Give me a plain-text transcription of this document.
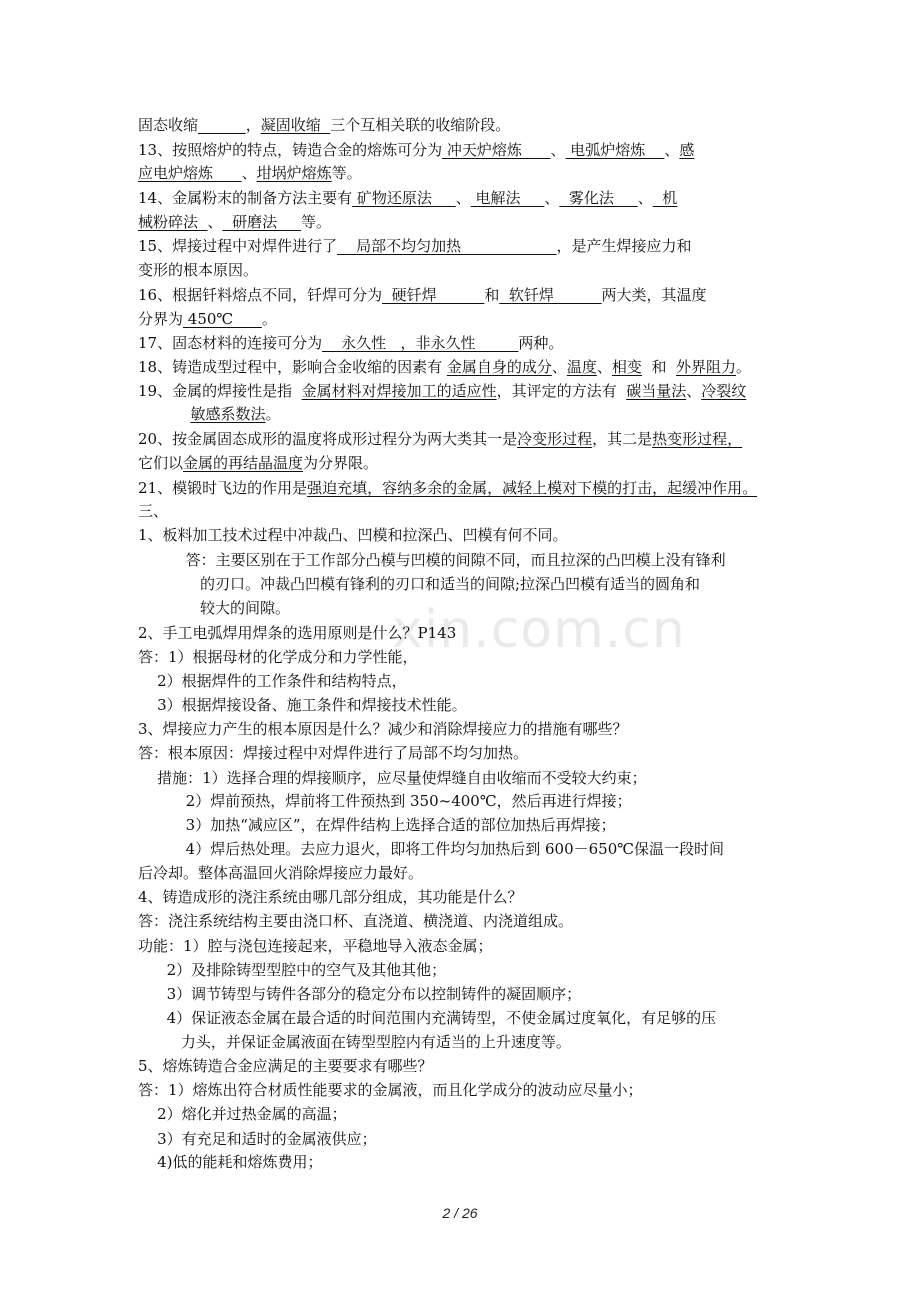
固态收缩	，凝固收缩  三个互相关联的收缩阶段。
13、按照熔炉的特点，铸造合金的熔炼可分为 冲天炉熔炼      、 电弧炉熔炼    、感
应电炉熔炼      、坩埚炉熔炼等。
14、金属粉末的制备方法主要有 矿物还原法     、 电解法     、  雾化法     、  机
械粉碎法  、  研磨法     等。
15、焊接过程中对焊件进行了    局部不均匀加热                    ，是产生焊接应力和
变形的根本原因。
16、根据钎料熔点不同，钎焊可分为  硬钎焊          和  软钎焊          两大类，其温度
分界为 450℃      。
17、固态材料的连接可分为    永久性   ，非永久性         两种。
18、铸造成型过程中，影响合金收缩的因素有 金属自身的成分、温度、相变  和  外界阻力。
19、金属的焊接性是指  金属材料对焊接加工的适应性，其评定的方法有  碳当量法、冷裂纹
敏感系数法。
20、按金属固态成形的温度将成形过程分为两大类其一是冷变形过程，其二是热变形过程，
它们以金属的再结晶温度为分界限。
21、模锻时飞边的作用是强迫充填，容纳多余的金属，减轻上模对下模的打击，起缓冲作用。
三、
1、板料加工技术过程中冲裁凸、凹模和拉深凸、凹模有何不同。
答：主要区别在于工作部分凸模与凹模的间隙不同，而且拉深的凸凹模上没有锋利
的刃口。冲裁凸凹模有锋利的刃口和适当的间隙;拉深凸凹模有适当的圆角和
较大的间隙。
2、手工电弧焊用焊条的选用原则是什么？P143
答：1）根据母材的化学成分和力学性能，
2）根据焊件的工作条件和结构特点，
3）根据焊接设备、施工条件和焊接技术性能。
3、焊接应力产生的根本原因是什么？减少和消除焊接应力的措施有哪些？
答：根本原因：焊接过程中对焊件进行了局部不均匀加热。
措施：1）选择合理的焊接顺序，应尽量使焊缝自由收缩而不受较大约束；
2）焊前预热，焊前将工件预热到 350~400℃，然后再进行焊接；
3）加热“减应区”，在焊件结构上选择合适的部位加热后再焊接；
4）焊后热处理。去应力退火，即将工件均匀加热后到 600－650℃保温一段时间
后冷却。整体高温回火消除焊接应力最好。
4、铸造成形的浇注系统由哪几部分组成，其功能是什么？
答：浇注系统结构主要由浇口杯、直浇道、横浇道、内浇道组成。
功能：1）腔与浇包连接起来，平稳地导入液态金属；
2）及排除铸型型腔中的空气及其他其他；
3）调节铸型与铸件各部分的稳定分布以控制铸件的凝固顺序；
4）保证液态金属在最合适的时间范围内充满铸型，不使金属过度氧化，有足够的压
力头，并保证金属液面在铸型型腔内有适当的上升速度等。
5、熔炼铸造合金应满足的主要要求有哪些？
答：1）熔炼出符合材质性能要求的金属液，而且化学成分的波动应尽量小；
2）熔化并过热金属的高温；
3）有充足和适时的金属液供应；
4)低的能耗和熔炼费用；
xin.com.cn
2 / 26
